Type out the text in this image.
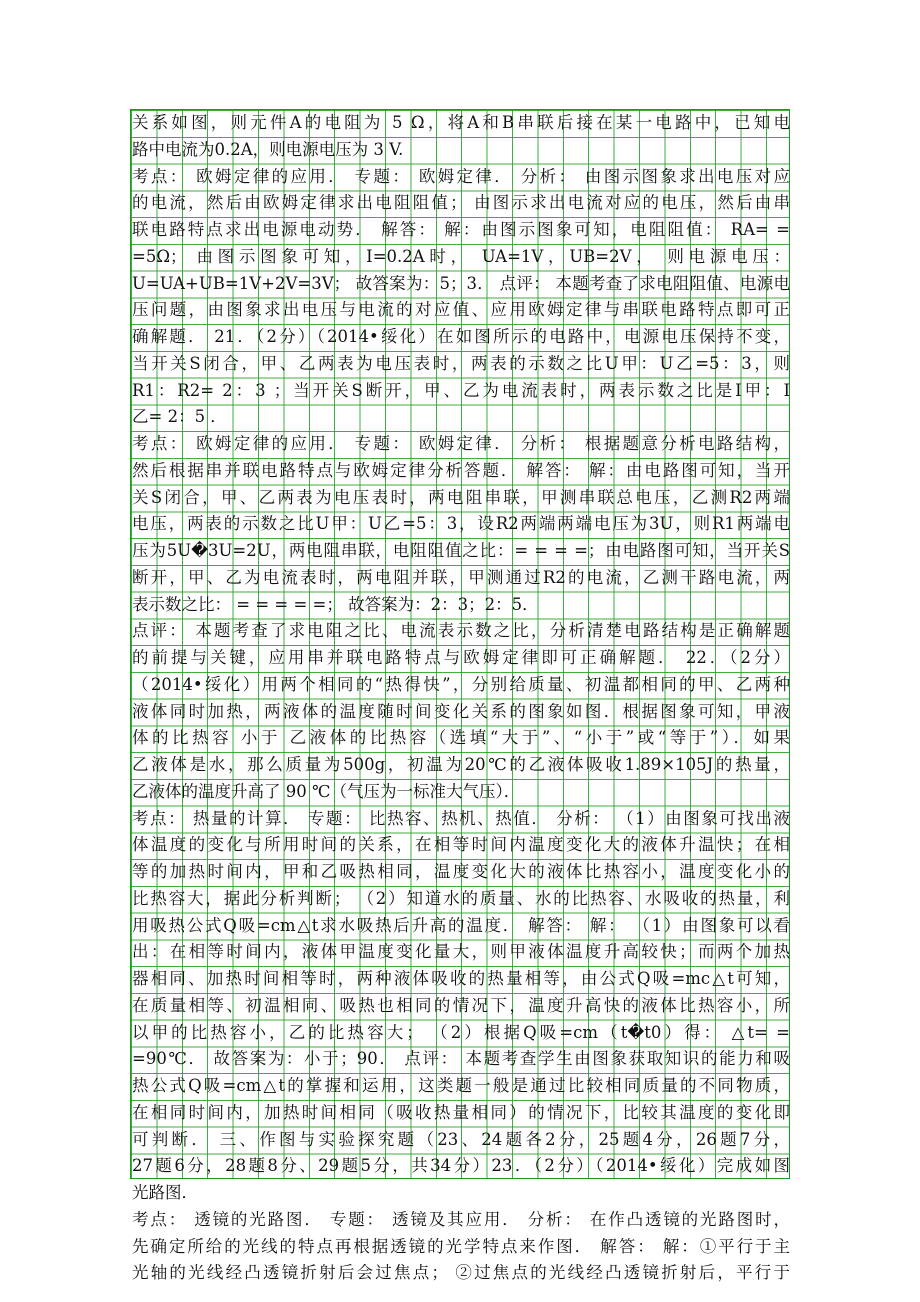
关系如图，则元件A的电阻为 5 Ω，将A和B串联后接在某一电路中，已知电
路中电流为0.2A，则电源电压为 3 V.
考点： 欧姆定律的应用． 专题： 欧姆定律． 分析： 由图示图象求出电压对应
的电流，然后由欧姆定律求出电阻阻值； 由图示求出电流对应的电压，然后由串
联电路特点求出电源电动势． 解答： 解：由图示图象可知，电阻阻值： RA= =
=5Ω； 由图示图象可知，I=0.2A时， UA=1V，UB=2V， 则电源电压：
U=UA+UB=1V+2V=3V； 故答案为：5；3． 点评： 本题考查了求电阻阻值、电源电
压问题，由图象求出电压与电流的对应值、应用欧姆定律与串联电路特点即可正
确解题． 21．（2分）（2014•绥化）在如图所示的电路中，电源电压保持不变，
当开关S闭合，甲、乙两表为电压表时，两表的示数之比U甲：U乙=5：3，则
R1：R2= 2：3 ；当开关S断开，甲、乙为电流表时，两表示数之比是I甲：I
乙= 2：5 ．
考点： 欧姆定律的应用． 专题： 欧姆定律． 分析： 根据题意分析电路结构，
然后根据串并联电路特点与欧姆定律分析答题． 解答： 解：由电路图可知，当开
关S闭合，甲、乙两表为电压表时，两电阻串联，甲测串联总电压，乙测R2两端
电压，两表的示数之比U甲：U乙=5：3，设R2两端两端电压为3U，则R1两端电
压为5U�3U=2U，两电阻串联，电阻阻值之比：= = = =；由电路图可知，当开关S
断开，甲、乙为电流表时，两电阻并联，甲测通过R2的电流，乙测干路电流，两
表示数之比： = = = = =； 故答案为：2：3；2：5．
点评： 本题考查了求电阻之比、电流表示数之比，分析清楚电路结构是正确解题
的前提与关键，应用串并联电路特点与欧姆定律即可正确解题． 22．（2分）
（2014•绥化）用两个相同的“热得快”，分别给质量、初温都相同的甲、乙两种
液体同时加热，两液体的温度随时间变化关系的图象如图．根据图象可知，甲液
体的比热容 小于 乙液体的比热容（选填“大于”、“小于”或“等于”）．如果
乙液体是水，那么质量为500g，初温为20℃的乙液体吸收1.89×105J的热量，
乙液体的温度升高了 90 ℃（气压为一标准大气压）．
考点： 热量的计算． 专题： 比热容、热机、热值． 分析： （1）由图象可找出液
体温度的变化与所用时间的关系，在相等时间内温度变化大的液体升温快；在相
等的加热时间内，甲和乙吸热相同，温度变化大的液体比热容小，温度变化小的
比热容大，据此分析判断； （2）知道水的质量、水的比热容、水吸收的热量，利
用吸热公式Q吸=cm△t求水吸热后升高的温度． 解答： 解： （1）由图象可以看
出：在相等时间内，液体甲温度变化量大，则甲液体温度升高较快；而两个加热
器相同、加热时间相等时，两种液体吸收的热量相等，由公式Q吸=mc△t可知，
在质量相等、初温相同、吸热也相同的情况下，温度升高快的液体比热容小，所
以甲的比热容小，乙的比热容大； （2）根据Q吸=cm（t�t0）得： △t= =
=90℃． 故答案为：小于；90． 点评： 本题考查学生由图象获取知识的能力和吸
热公式Q吸=cm△t的掌握和运用，这类题一般是通过比较相同质量的不同物质，
在相同时间内，加热时间相同（吸收热量相同）的情况下，比较其温度的变化即
可判断． 三、作图与实验探究题（23、24题各2分，25题4分，26题7分，
27题6分，28题8分、29题5分，共34分）23．（2分）（2014•绥化）完成如图
光路图．
考点： 透镜的光路图． 专题： 透镜及其应用． 分析： 在作凸透镜的光路图时，
先确定所给的光线的特点再根据透镜的光学特点来作图． 解答： 解：①平行于主
光轴的光线经凸透镜折射后会过焦点； ②过焦点的光线经凸透镜折射后，平行于
